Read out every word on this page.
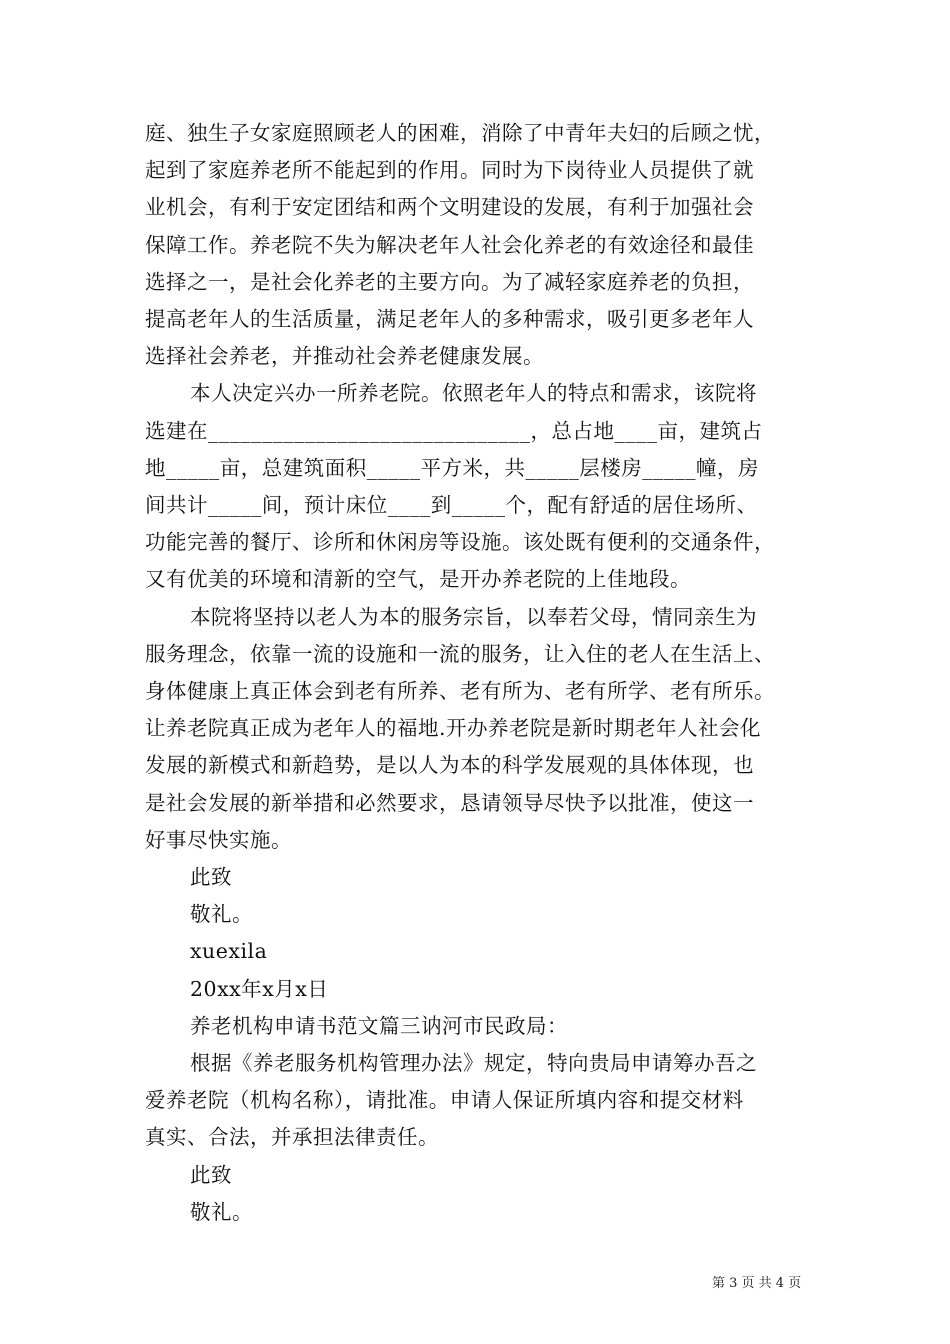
庭、独生子女家庭照顾老人的困难，消除了中青年夫妇的后顾之忧，
起到了家庭养老所不能起到的作用。同时为下岗待业人员提供了就
业机会，有利于安定团结和两个文明建设的发展，有利于加强社会
保障工作。养老院不失为解决老年人社会化养老的有效途径和最佳
选择之一，是社会化养老的主要方向。为了减轻家庭养老的负担，
提高老年人的生活质量，满足老年人的多种需求，吸引更多老年人
选择社会养老，并推动社会养老健康发展。
本人决定兴办一所养老院。依照老年人的特点和需求，该院将
选建在______________________________，总占地____亩，建筑占
地_____亩，总建筑面积_____平方米，共_____层楼房_____幢，房
间共计_____间，预计床位____到_____个，配有舒适的居住场所、
功能完善的餐厅、诊所和休闲房等设施。该处既有便利的交通条件，
又有优美的环境和清新的空气，是开办养老院的上佳地段。
本院将坚持以老人为本的服务宗旨，以奉若父母，情同亲生为
服务理念，依靠一流的设施和一流的服务，让入住的老人在生活上、
身体健康上真正体会到老有所养、老有所为、老有所学、老有所乐。
让养老院真正成为老年人的福地.开办养老院是新时期老年人社会化
发展的新模式和新趋势，是以人为本的科学发展观的具体体现，也
是社会发展的新举措和必然要求，恳请领导尽快予以批准，使这一
好事尽快实施。
此致
敬礼。
xuexila
20xx年x月x日
养老机构申请书范文篇三讷河市民政局：
根据《养老服务机构管理办法》规定，特向贵局申请筹办吾之
爱养老院（机构名称），请批准。申请人保证所填内容和提交材料
真实、合法，并承担法律责任。
此致
敬礼。
第 3 页 共 4 页
